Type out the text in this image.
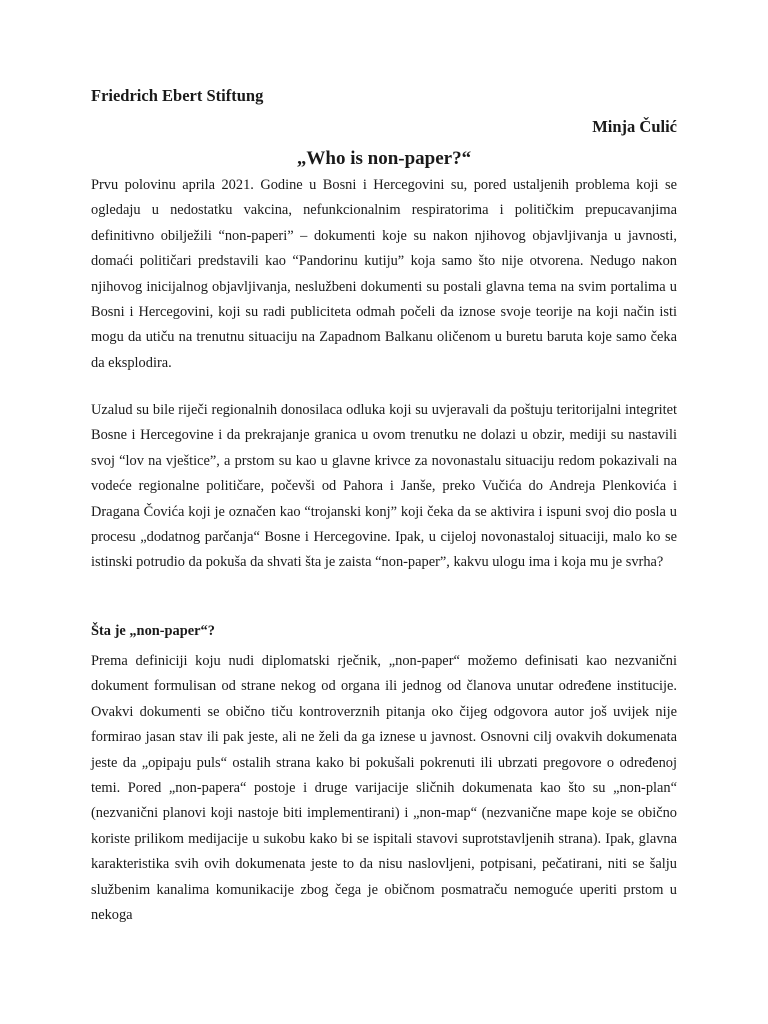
Friedrich Ebert Stiftung
Minja Čulić
„Who is non-paper?“

Prvu polovinu aprila 2021. Godine u Bosni i Hercegovini su, pored ustaljenih problema koji se ogledaju u nedostatku vakcina, nefunkcionalnim respiratorima i političkim prepucavanjima definitivno obilježili “non-paperi” – dokumenti koje su nakon njihovog objavljivanja u javnosti, domaći političari predstavili kao “Pandorinu kutiju” koja samo što nije otvorena. Nedugo nakon njihovog inicijalnog objavljivanja, neslužbeni dokumenti su postali glavna tema na svim portalima u Bosni i Hercegovini, koji su radi publiciteta odmah počeli da iznose svoje teorije na koji način isti mogu da utiču na trenutnu situaciju na Zapadnom Balkanu oličenom u buretu baruta koje samo čeka da eksplodira.

Uzalud su bile riječi regionalnih donosilaca odluka koji su uvjeravali da poštuju teritorijalni integritet Bosne i Hercegovine i da prekrajanje granica u ovom trenutku ne dolazi u obzir, mediji su nastavili svoj “lov na vještice”, a prstom su kao u glavne krivce za novonastalu situaciju redom pokazivali na vodeće regionalne političare, počevši od Pahora i Janše, preko Vučića do Andreja Plenkovića i Dragana Čovića koji je označen kao “trojanski konj” koji čeka da se aktivira i ispuni svoj dio posla u procesu „dodatnog parčanja“ Bosne i Hercegovine. Ipak, u cijeloj novonastaloj situaciji, malo ko se istinski potrudio da pokuša da shvati šta je zaista “non-paper”, kakvu ulogu ima i koja mu je svrha?

Šta je „non-paper“?

Prema definiciji koju nudi diplomatski rječnik, „non-paper“ možemo definisati kao nezvanični dokument formulisan od strane nekog od organa ili jednog od članova unutar određene institucije. Ovakvi dokumenti se obično tiču kontroverznih pitanja oko čijeg odgovora autor još uvijek nije formirao jasan stav ili pak jeste, ali ne želi da ga iznese u javnost. Osnovni cilj ovakvih dokumenata jeste da „opipaju puls“ ostalih strana kako bi pokušali pokrenuti ili ubrzati pregovore o određenoj temi. Pored „non-papera“ postoje i druge varijacije sličnih dokumenata kao što su „non-plan“ (nezvanični planovi koji nastoje biti implementirani) i „non-map“ (nezvanične mape koje se obično koriste prilikom medijacije u sukobu kako bi se ispitali stavovi suprotstavljenih strana). Ipak, glavna karakteristika svih ovih dokumenata jeste to da nisu naslovljeni, potpisani, pečatirani, niti se šalju službenim kanalima komunikacije zbog čega je običnom posmatraču nemoguće uperiti prstom u nekoga
